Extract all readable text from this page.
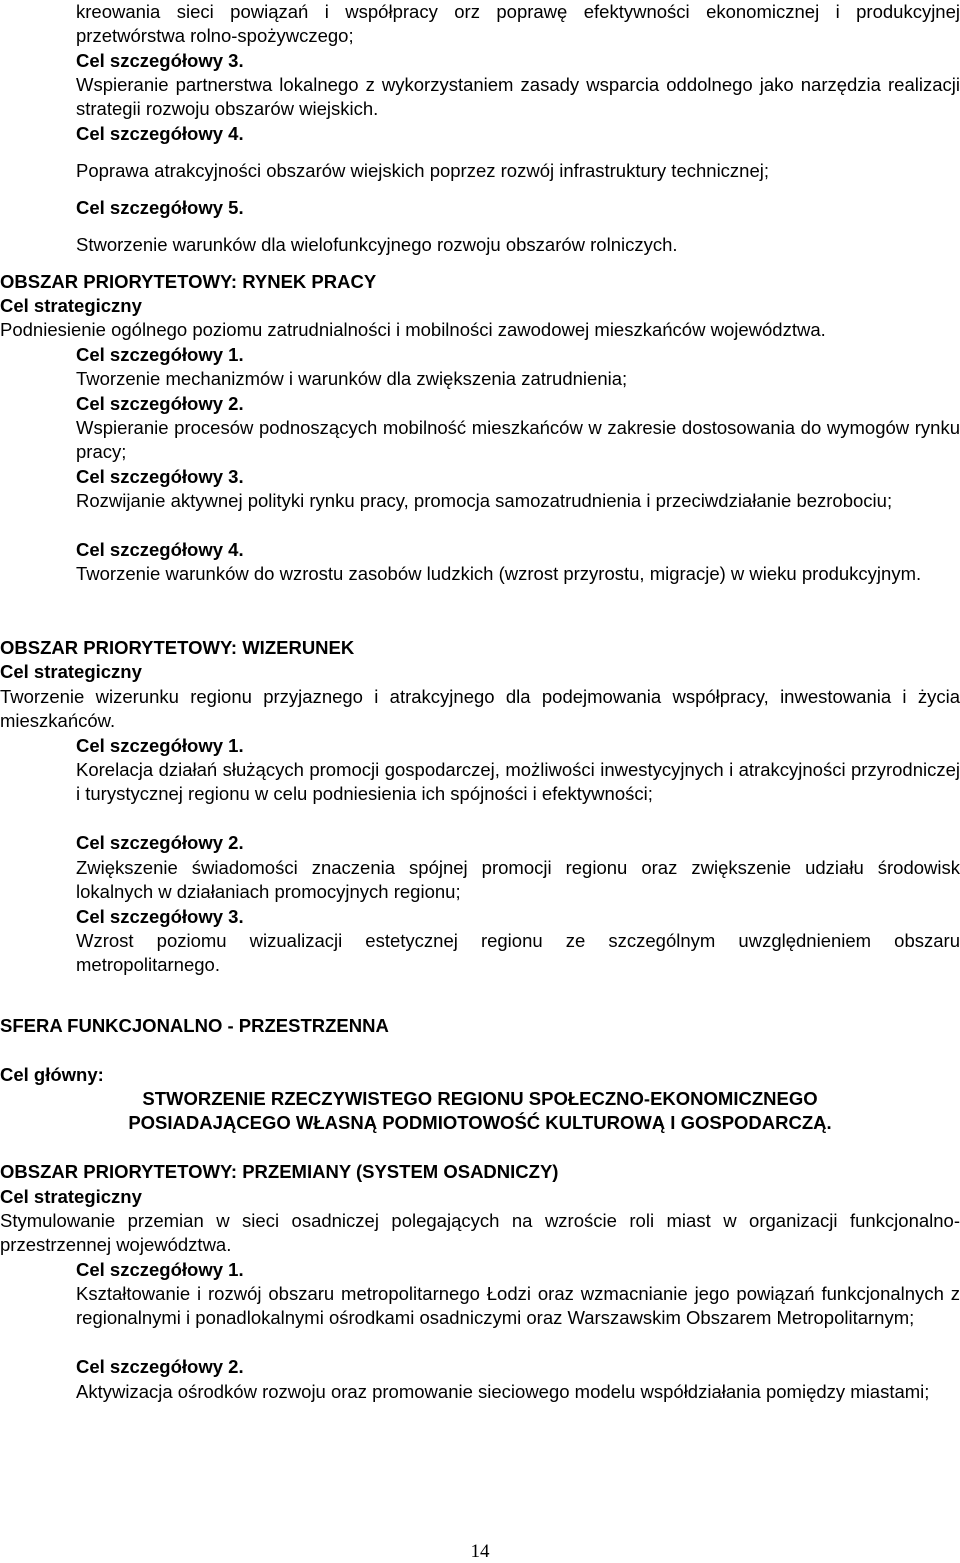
kreowania sieci powiązań i współpracy orz poprawę efektywności ekonomicznej i produkcyjnej przetwórstwa rolno-spożywczego;
Cel szczegółowy 3.
Wspieranie partnerstwa lokalnego z wykorzystaniem zasady wsparcia oddolnego jako narzędzia realizacji strategii rozwoju obszarów wiejskich.
Cel szczegółowy 4.
Poprawa atrakcyjności obszarów wiejskich poprzez rozwój infrastruktury technicznej;
Cel szczegółowy 5.
Stworzenie warunków dla wielofunkcyjnego rozwoju obszarów rolniczych.
OBSZAR PRIORYTETOWY: RYNEK PRACY
Cel strategiczny
Podniesienie ogólnego poziomu zatrudnialności i mobilności zawodowej mieszkańców województwa.
Cel szczegółowy 1.
Tworzenie mechanizmów i warunków dla zwiększenia zatrudnienia;
Cel szczegółowy 2.
Wspieranie procesów podnoszących mobilność mieszkańców w zakresie dostosowania do wymogów rynku pracy;
Cel szczegółowy 3.
Rozwijanie aktywnej polityki rynku pracy, promocja samozatrudnienia i przeciwdziałanie bezrobociu;
Cel szczegółowy 4.
Tworzenie warunków do wzrostu zasobów ludzkich (wzrost przyrostu, migracje) w wieku produkcyjnym.
OBSZAR PRIORYTETOWY: WIZERUNEK
Cel strategiczny
Tworzenie wizerunku regionu przyjaznego i atrakcyjnego dla podejmowania współpracy, inwestowania i życia mieszkańców.
Cel szczegółowy 1.
Korelacja działań służących promocji gospodarczej, możliwości inwestycyjnych i atrakcyjności przyrodniczej i turystycznej regionu w celu podniesienia ich spójności i efektywności;
Cel szczegółowy 2.
Zwiększenie świadomości znaczenia spójnej promocji regionu oraz zwiększenie udziału środowisk lokalnych w działaniach promocyjnych regionu;
Cel szczegółowy 3.
Wzrost poziomu wizualizacji estetycznej regionu ze szczególnym uwzględnieniem obszaru metropolitarnego.
SFERA FUNKCJONALNO - PRZESTRZENNA
Cel główny:
STWORZENIE RZECZYWISTEGO REGIONU SPOŁECZNO-EKONOMICZNEGO
POSIADAJĄCEGO WŁASNĄ PODMIOTOWOŚĆ KULTUROWĄ I GOSPODARCZĄ.
OBSZAR PRIORYTETOWY: PRZEMIANY (SYSTEM OSADNICZY)
Cel strategiczny
Stymulowanie przemian w sieci osadniczej polegających na wzroście roli miast w organizacji funkcjonalno-przestrzennej województwa.
Cel szczegółowy 1.
Kształtowanie i rozwój obszaru metropolitarnego Łodzi oraz wzmacnianie jego powiązań funkcjonalnych z regionalnymi i ponadlokalnymi ośrodkami osadniczymi oraz Warszawskim Obszarem Metropolitarnym;
Cel szczegółowy 2.
Aktywizacja ośrodków rozwoju oraz promowanie sieciowego modelu współdziałania pomiędzy miastami;
14
